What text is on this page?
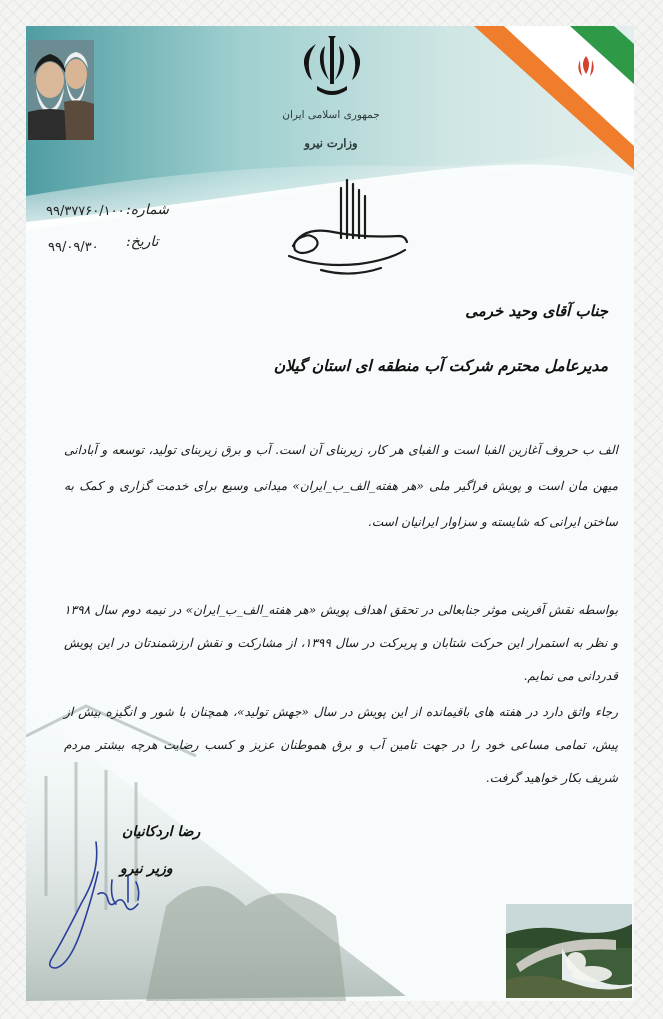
جمهوری اسلامی ایران
وزارت نیرو
شماره:
۹۹/۳۷۷۶۰/۱۰۰
تاریخ:
۹۹/۰۹/۳۰
جناب آقای وحید خرمی
مدیرعامل محترم شرکت آب منطقه ای استان گیلان
الف ب حروف آغازین الفبا است و الفبای هر کار، زیربنای آن است. آب و برق زیربنای تولید، توسعه و آبادانی میهن مان است و پویش فراگیر ملی «هر هفته_الف_ب_ایران» میدانی وسیع برای خدمت گزاری و کمک به ساختن ایرانی که شایسته و سزاوار ایرانیان است.
بواسطه نقش آفرینی موثر جنابعالی در تحقق اهداف پویش «هر هفته_الف_ب_ایران» در نیمه دوم سال ۱۳۹۸ و نظر به استمرار این حرکت شتابان و پربرکت در سال ۱۳۹۹، از مشارکت و نقش ارزشمندتان در این پویش قدردانی می نمایم.
رجاء واثق دارد در هفته های باقیمانده از این پویش در سال «جهش تولید»، همچنان با شور و انگیزه بیش از پیش، تمامی مساعی خود را در جهت تامین آب و برق هموطنان عزیز و کسب رضایت هرچه بیشتر مردم شریف بکار خواهید گرفت.
رضا اردکانیان
وزیر نیرو
